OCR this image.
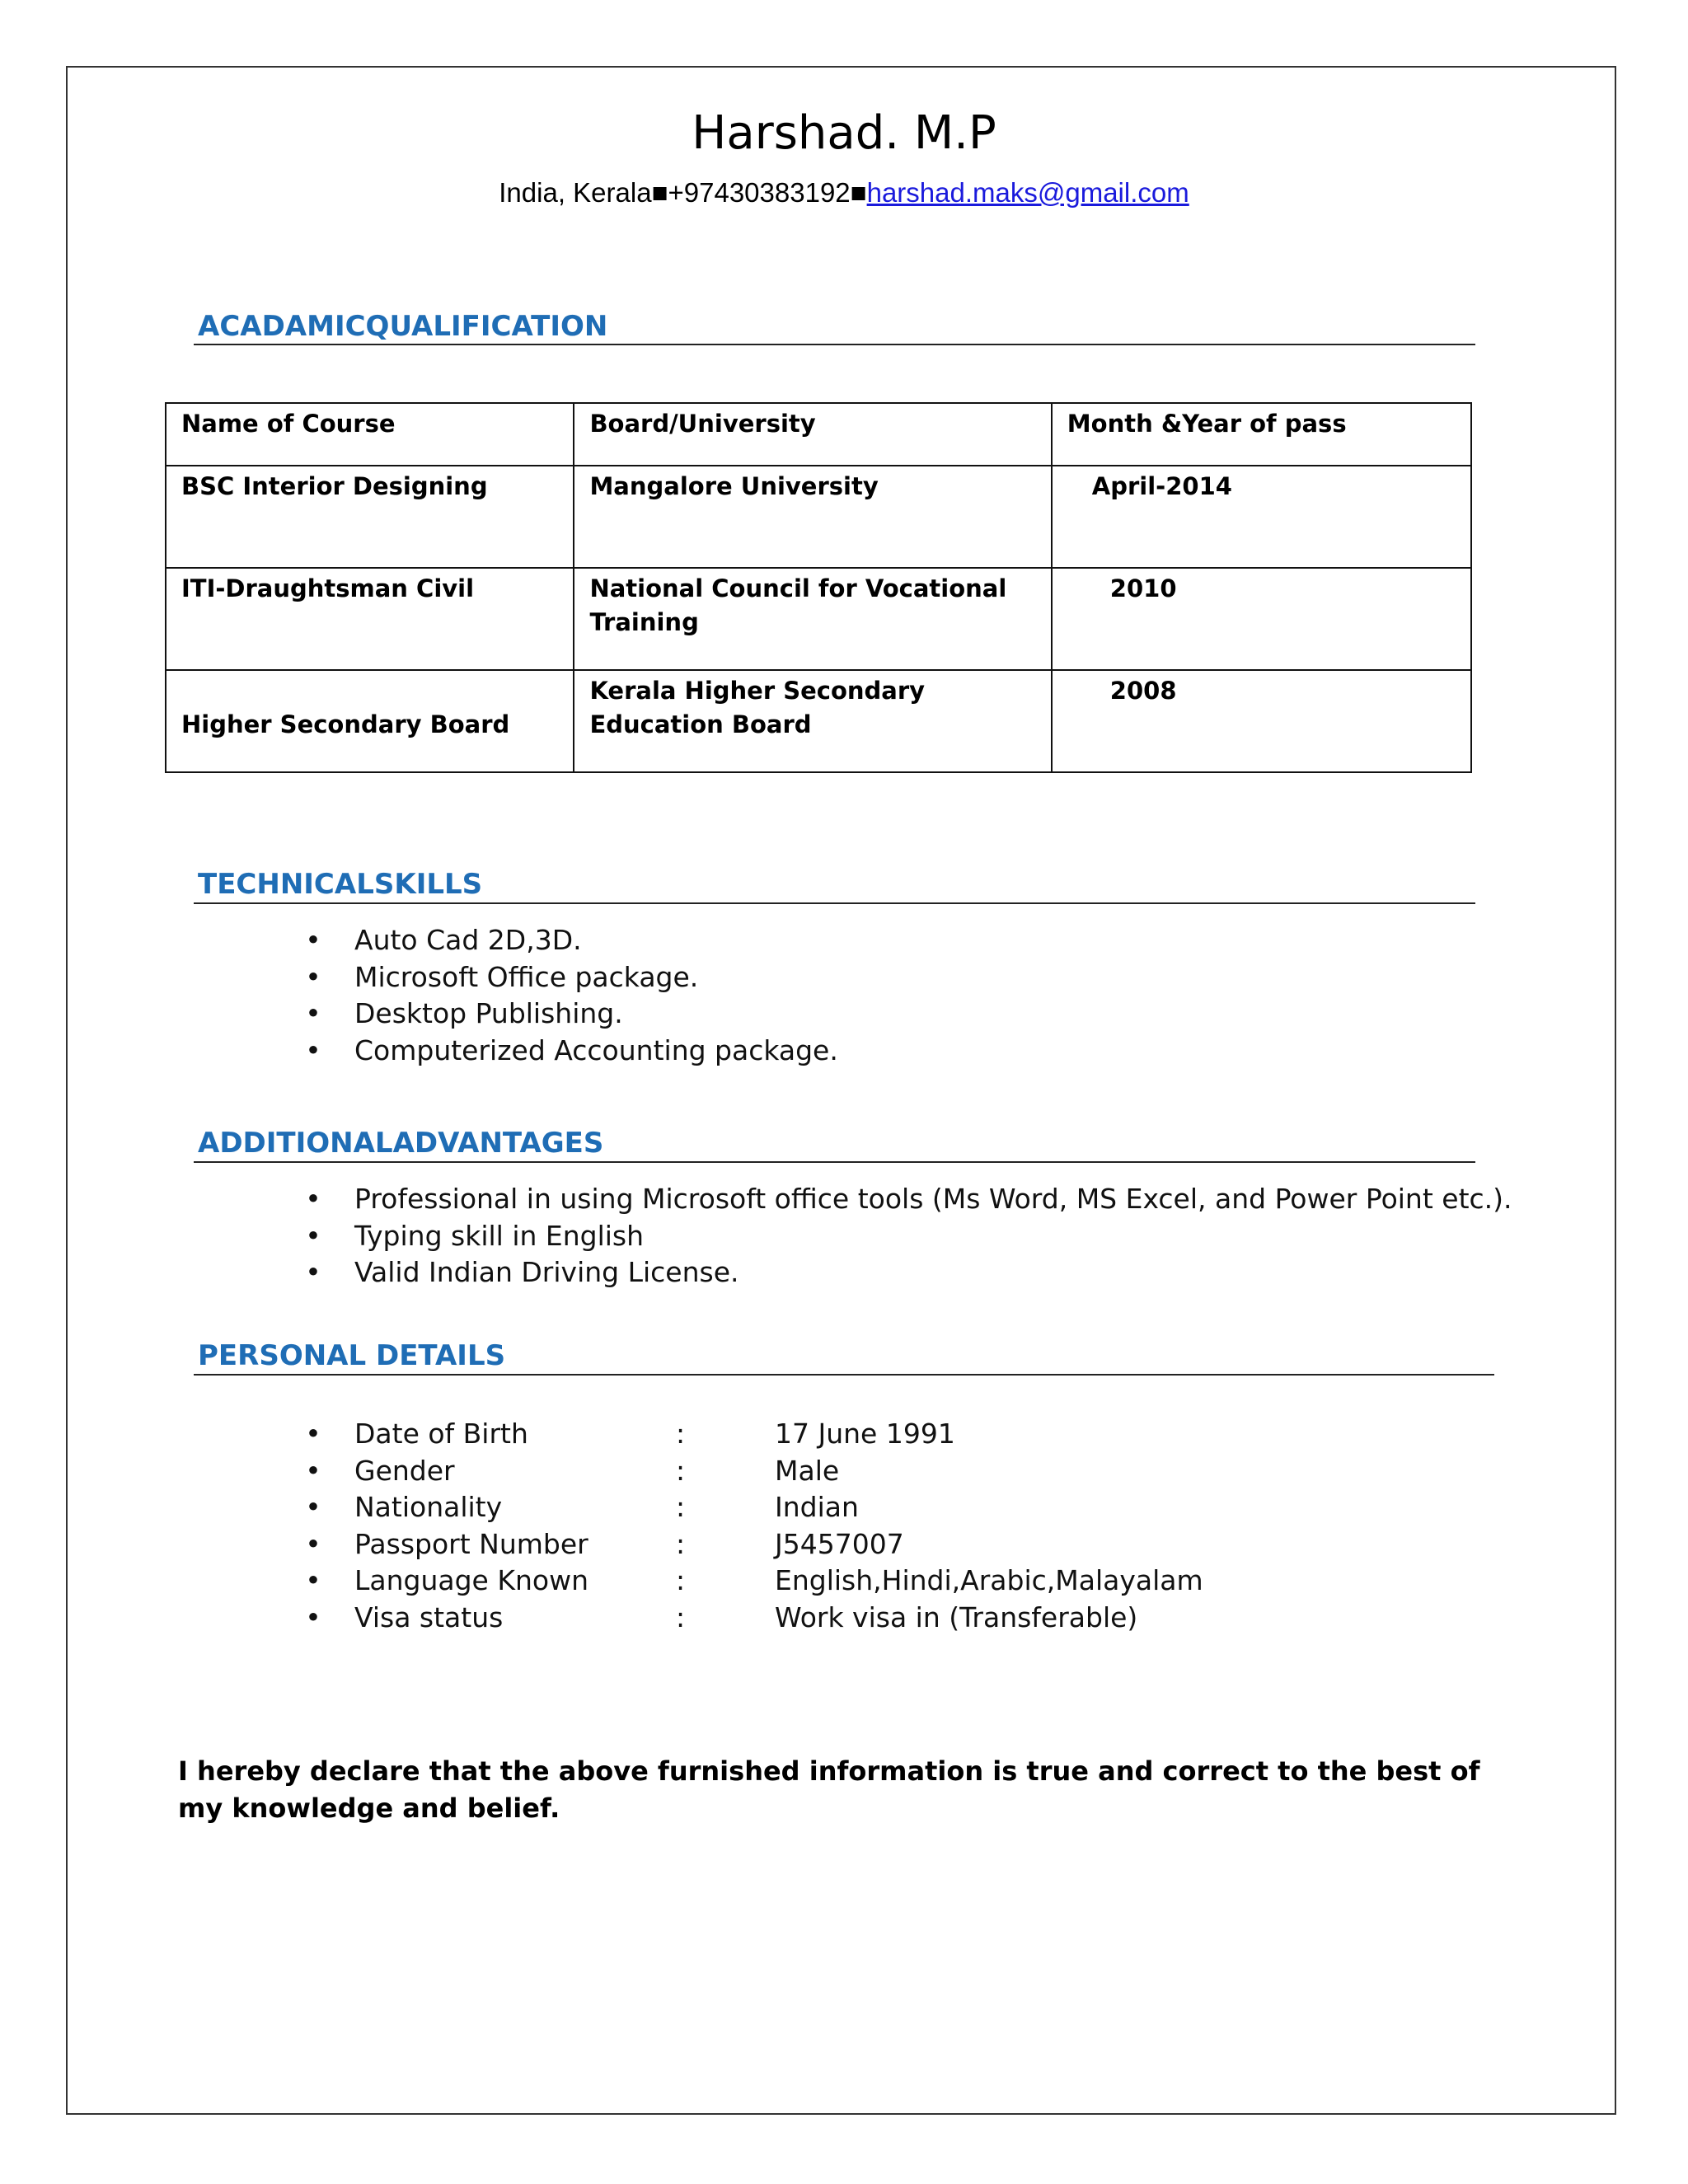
Harshad. M.P
India, Kerala■+97430383192■harshad.maks@gmail.com
ACADAMICQUALIFICATION
Name of Course	Board/University	Month &Year of pass
BSC Interior Designing	Mangalore University	April-2014
ITI-Draughtsman Civil	National Council for Vocational Training	2010
Higher Secondary Board	Kerala Higher Secondary Education Board	2008
TECHNICALSKILLS
• Auto Cad 2D,3D.
• Microsoft Office package.
• Desktop Publishing.
• Computerized Accounting package.
ADDITIONALADVANTAGES
• Professional in using Microsoft office tools (Ms Word, MS Excel, and Power Point etc.).
• Typing skill in English
• Valid Indian Driving License.
PERSONAL DETAILS
• Date of Birth	:	17 June 1991
• Gender	:	Male
• Nationality	:	Indian
• Passport Number	:	J5457007
• Language Known	:	English,Hindi,Arabic,Malayalam
• Visa status	:	Work visa in (Transferable)
I hereby declare that the above furnished information is true and correct to the best of my knowledge and belief.
